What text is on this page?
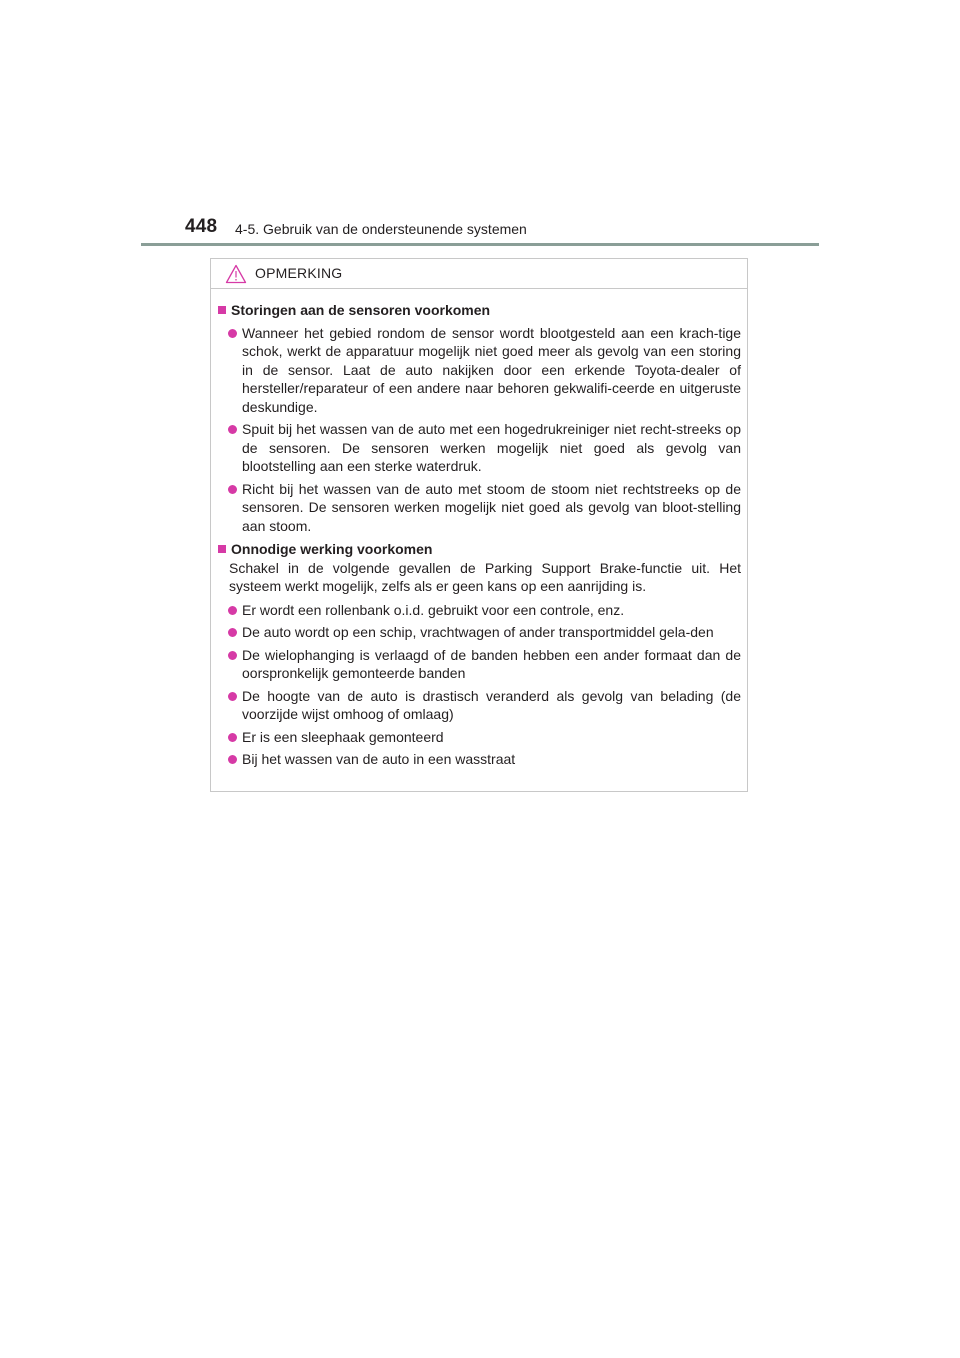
448 4-5. Gebruik van de ondersteunende systemen
OPMERKING
Storingen aan de sensoren voorkomen
Wanneer het gebied rondom de sensor wordt blootgesteld aan een krach-tige schok, werkt de apparatuur mogelijk niet goed meer als gevolg van een storing in de sensor. Laat de auto nakijken door een erkende Toyota-dealer of hersteller/reparateur of een andere naar behoren gekwalifi-ceerde en uitgeruste deskundige.
Spuit bij het wassen van de auto met een hogedrukreiniger niet recht-streeks op de sensoren. De sensoren werken mogelijk niet goed als gevolg van blootstelling aan een sterke waterdruk.
Richt bij het wassen van de auto met stoom de stoom niet rechtstreeks op de sensoren. De sensoren werken mogelijk niet goed als gevolg van bloot-stelling aan stoom.
Onnodige werking voorkomen
Schakel in de volgende gevallen de Parking Support Brake-functie uit. Het systeem werkt mogelijk, zelfs als er geen kans op een aanrijding is.
Er wordt een rollenbank o.i.d. gebruikt voor een controle, enz.
De auto wordt op een schip, vrachtwagen of ander transportmiddel gela-den
De wielophanging is verlaagd of de banden hebben een ander formaat dan de oorspronkelijk gemonteerde banden
De hoogte van de auto is drastisch veranderd als gevolg van belading (de voorzijde wijst omhoog of omlaag)
Er is een sleephaak gemonteerd
Bij het wassen van de auto in een wasstraat
